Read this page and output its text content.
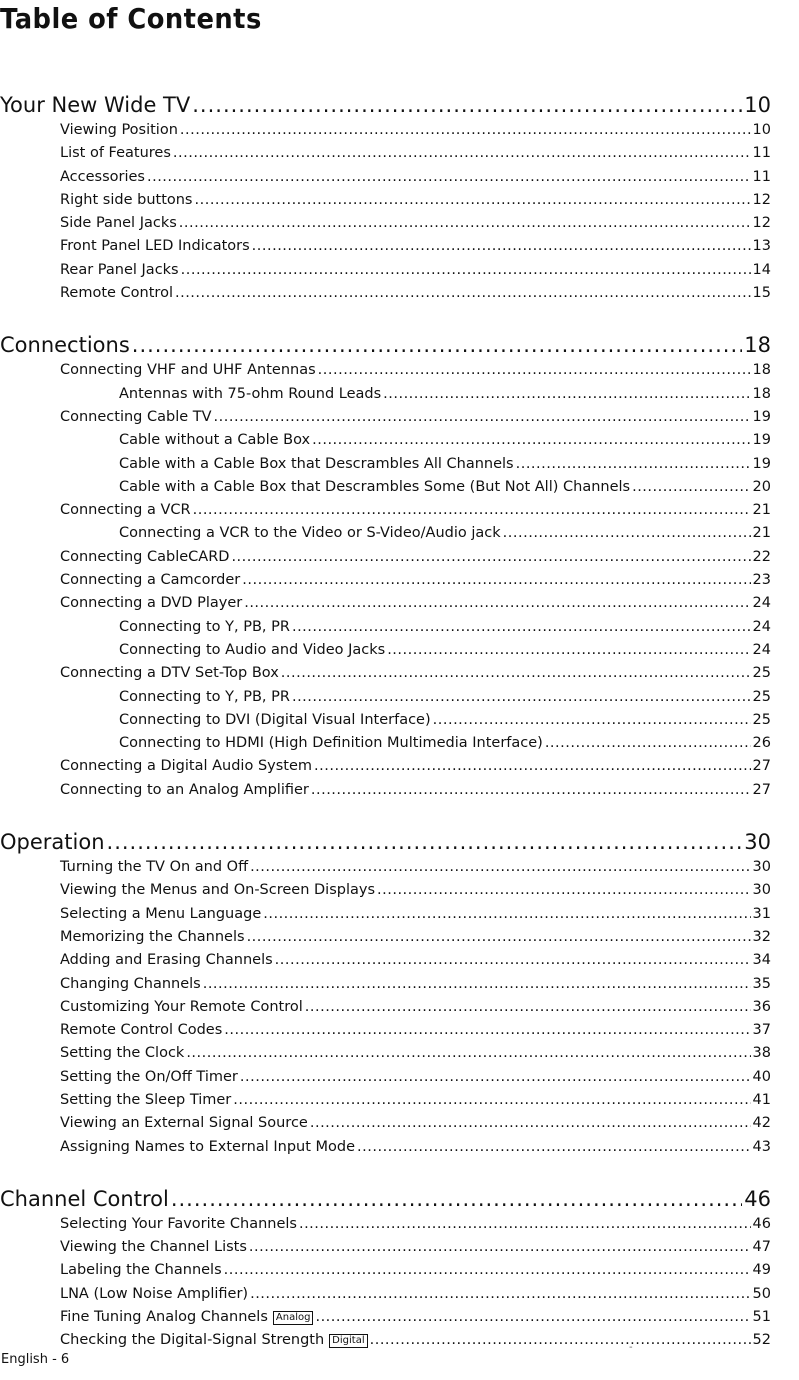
Table of Contents
Your New Wide TV .....	10
Viewing Position .....	10
List of Features .....	11
Accessories .....	11
Right side buttons .....	12
Side Panel Jacks .....	12
Front Panel LED Indicators .....	13
Rear Panel Jacks .....	14
Remote Control .....	15
Connections .....	18
Connecting VHF and UHF Antennas .....	18
Antennas with 75-ohm Round Leads .....	18
Connecting Cable TV .....	19
Cable without a Cable Box .....	19
Cable with a Cable Box that Descrambles All Channels .....	19
Cable with a Cable Box that Descrambles Some (But Not All) Channels .....	20
Connecting a VCR .....	21
Connecting a VCR to the Video or S-Video/Audio jack .....	21
Connecting CableCARD .....	22
Connecting a Camcorder .....	23
Connecting a DVD Player .....	24
Connecting to Y, PB, PR .....	24
Connecting to Audio and Video Jacks .....	24
Connecting a DTV Set-Top Box .....	25
Connecting to Y, PB, PR .....	25
Connecting to DVI (Digital Visual Interface) .....	25
Connecting to HDMI (High Definition Multimedia Interface) .....	26
Connecting a Digital Audio System .....	27
Connecting to an Analog Amplifier .....	27
Operation .....	30
Turning the TV On and Off .....	30
Viewing the Menus and On-Screen Displays .....	30
Selecting a Menu Language .....	31
Memorizing the Channels .....	32
Adding and Erasing Channels .....	34
Changing Channels .....	35
Customizing Your Remote Control .....	36
Remote Control Codes .....	37
Setting the Clock .....	38
Setting the On/Off Timer .....	40
Setting the Sleep Timer .....	41
Viewing an External Signal Source .....	42
Assigning Names to External Input Mode .....	43
Channel Control .....	46
Selecting Your Favorite Channels .....	46
Viewing the Channel Lists .....	47
Labeling the Channels .....	49
LNA (Low Noise Amplifier) .....	50
Fine Tuning Analog Channels Analog .....	51
Checking the Digital-Signal Strength Digital .....	52
-
English - 6
